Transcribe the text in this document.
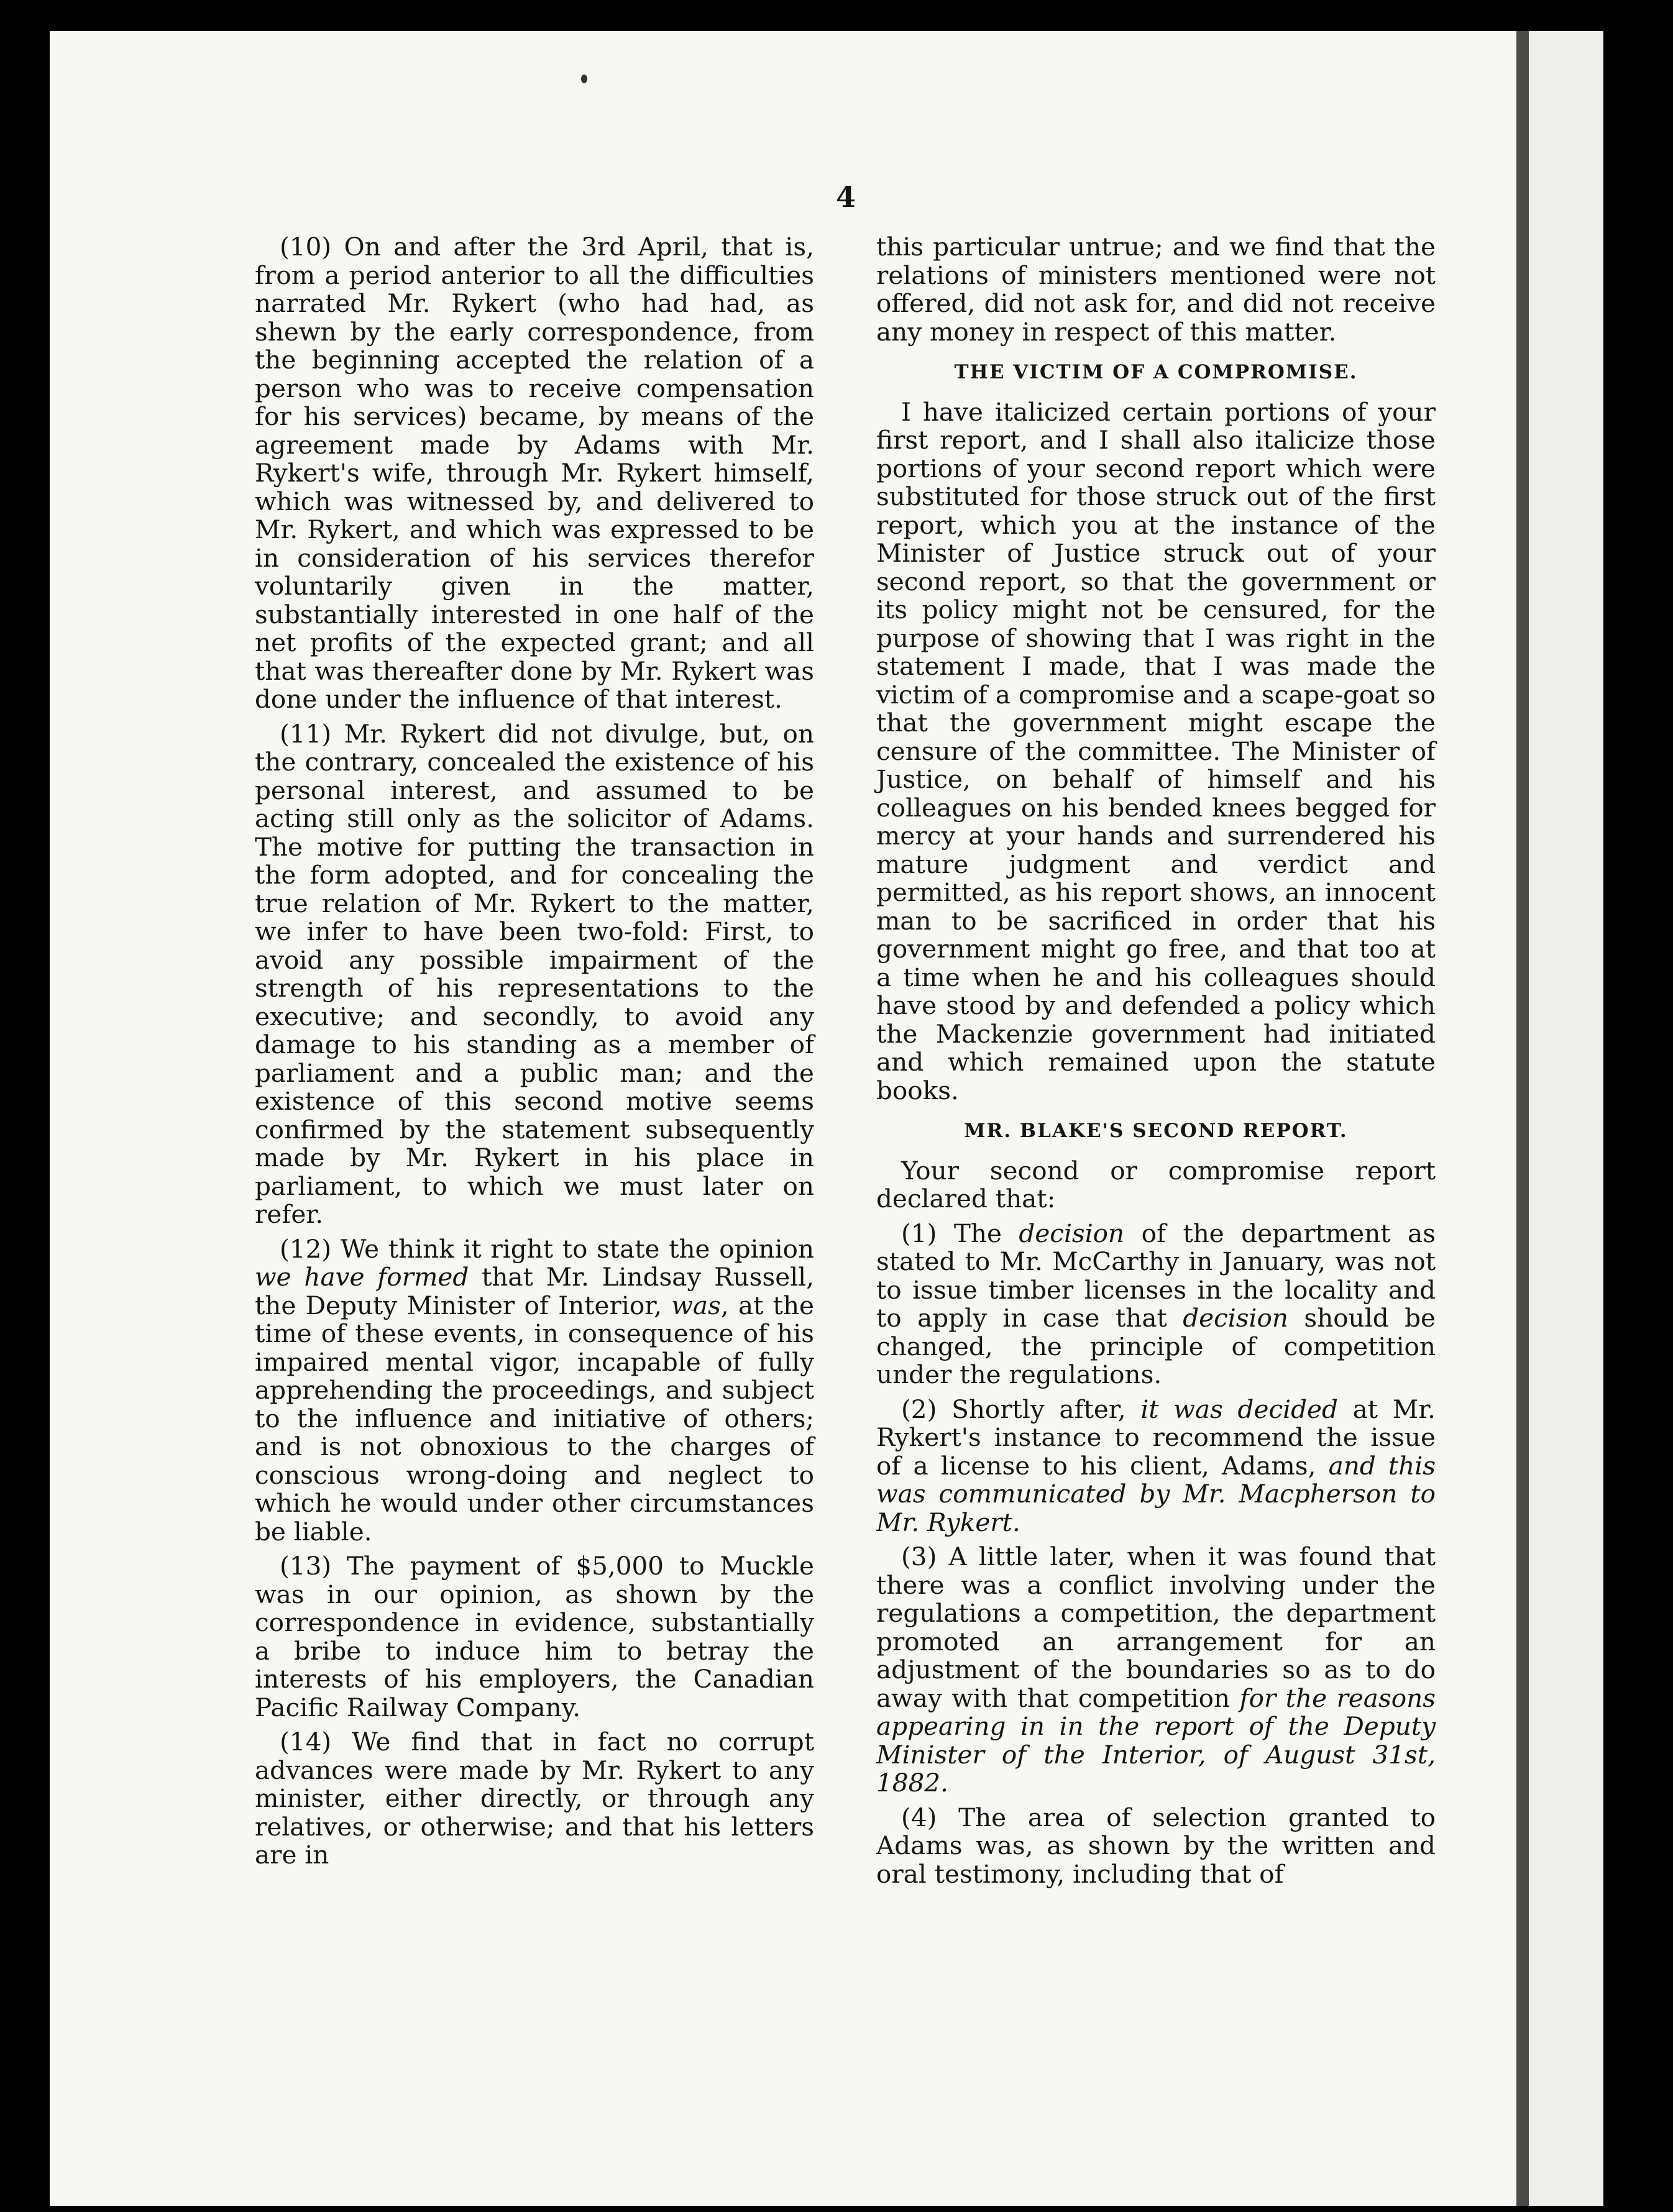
4

(10) On and after the 3rd April, that is, from a period anterior to all the difficulties narrated Mr. Rykert (who had had, as shewn by the early correspondence, from the beginning accepted the relation of a person who was to receive compensation for his services) became, by means of the agreement made by Adams with Mr. Rykert's wife, through Mr. Rykert himself, which was witnessed by, and delivered to Mr. Rykert, and which was expressed to be in consideration of his services therefor voluntarily given in the matter, substantially interested in one half of the net profits of the expected grant; and all that was thereafter done by Mr. Rykert was done under the influence of that interest.

(11) Mr. Rykert did not divulge, but, on the contrary, concealed the existence of his personal interest, and assumed to be acting still only as the solicitor of Adams. The motive for putting the transaction in the form adopted, and for concealing the true relation of Mr. Rykert to the matter, we infer to have been two-fold: First, to avoid any possible impairment of the strength of his representations to the executive; and secondly, to avoid any damage to his standing as a member of parliament and a public man; and the existence of this second motive seems confirmed by the statement subsequently made by Mr. Rykert in his place in parliament, to which we must later on refer.

(12) We think it right to state the opinion we have formed that Mr. Lindsay Russell, the Deputy Minister of Interior, was, at the time of these events, in consequence of his impaired mental vigor, incapable of fully apprehending the proceedings, and subject to the influence and initiative of others; and is not obnoxious to the charges of conscious wrong-doing and neglect to which he would under other circumstances be liable.

(13) The payment of $5,000 to Muckle was in our opinion, as shown by the correspondence in evidence, substantially a bribe to induce him to betray the interests of his employers, the Canadian Pacific Railway Company.

(14) We find that in fact no corrupt advances were made by Mr. Rykert to any minister, either directly, or through any relatives, or otherwise; and that his letters are in

this particular untrue; and we find that the relations of ministers mentioned were not offered, did not ask for, and did not receive any money in respect of this matter.

THE VICTIM OF A COMPROMISE.

I have italicized certain portions of your first report, and I shall also italicize those portions of your second report which were substituted for those struck out of the first report, which you at the instance of the Minister of Justice struck out of your second report, so that the government or its policy might not be censured, for the purpose of showing that I was right in the statement I made, that I was made the victim of a compromise and a scape-goat so that the government might escape the censure of the committee. The Minister of Justice, on behalf of himself and his colleagues on his bended knees begged for mercy at your hands and surrendered his mature judgment and verdict and permitted, as his report shows, an innocent man to be sacrificed in order that his government might go free, and that too at a time when he and his colleagues should have stood by and defended a policy which the Mackenzie government had initiated and which remained upon the statute books.

MR. BLAKE'S SECOND REPORT.

Your second or compromise report declared that:

(1) The decision of the department as stated to Mr. McCarthy in January, was not to issue timber licenses in the locality and to apply in case that decision should be changed, the principle of competition under the regulations.

(2) Shortly after, it was decided at Mr. Rykert's instance to recommend the issue of a license to his client, Adams, and this was communicated by Mr. Macpherson to Mr. Rykert.

(3) A little later, when it was found that there was a conflict involving under the regulations a competition, the department promoted an arrangement for an adjustment of the boundaries so as to do away with that competition for the reasons appearing in in the report of the Deputy Minister of the Interior, of August 31st, 1882.

(4) The area of selection granted to Adams was, as shown by the written and oral testimony, including that of
